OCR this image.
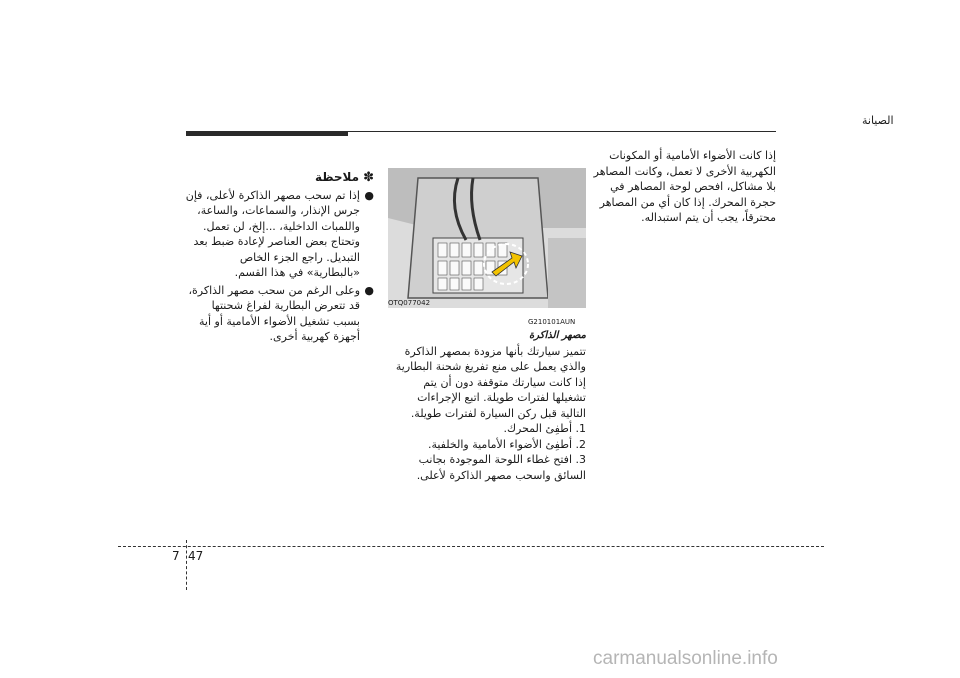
ﺍﻟﺼﻴﺎﻧﺔ

ﺇﺫﺍ ﻛﺎﻧﺖ ﺍﻷﺿﻮﺍﺀ ﺍﻷﻣﺎﻣﻴﺔ ﺃﻭ ﺍﻟﻤﻜﻮﻧﺎﺕ ﺍﻟﻜﻬﺮﺑﻴﺔ ﺍﻷﺧﺮﻯ ﻻ ﺗﻌﻤﻞ، ﻭﻛﺎﻧﺖ ﺍﻟﻤﺼﺎﻫﺮ ﺑﻼ ﻣﺸﺎﻛﻞ، ﺍﻓﺤﺺ ﻟﻮﺣﺔ ﺍﻟﻤﺼﺎﻫﺮ ﻓﻲ ﺣﺠﺮﺓ ﺍﻟﻤﺤﺮﻙ. ﺇﺫﺍ ﻛﺎﻥ ﺃﻱ ﻣﻦ ﺍﻟﻤﺼﺎﻫﺮ ﻣﺤﺘﺮﻗﺎً، ﻳﺠﺐ ﺃﻥ ﻳﺘﻢ ﺍﺳﺘﺒﺪﺍﻟﻪ.

OTQ077042
G210101AUN

ﻣﺼﻬﺮ ﺍﻟﺬﺍﻛﺮﺓ

ﺗﺘﻤﻴﺰ ﺳﻴﺎﺭﺗﻚ ﺑﺄﻧﻬﺎ ﻣﺰﻭﺩﺓ ﺑﻤﺼﻬﺮ ﺍﻟﺬﺍﻛﺮﺓ ﻭﺍﻟﺬﻱ ﻳﻌﻤﻞ ﻋﻠﻰ ﻣﻨﻊ ﺗﻔﺮﻳﻎ ﺷﺤﻨﺔ ﺍﻟﺒﻄﺎﺭﻳﺔ ﺇﺫﺍ ﻛﺎﻧﺖ ﺳﻴﺎﺭﺗﻚ ﻣﺘﻮﻗﻔﺔ ﺩﻭﻥ ﺃﻥ ﻳﺘﻢ ﺗﺸﻐﻴﻠﻬﺎ ﻟﻔﺘﺮﺍﺕ ﻃﻮﻳﻠﺔ. ﺍﺗﺒﻊ ﺍﻹﺟﺮﺍﺀﺍﺕ ﺍﻟﺘﺎﻟﻴﺔ ﻗﺒﻞ ﺭﻛﻦ ﺍﻟﺴﻴﺎﺭﺓ ﻟﻔﺘﺮﺍﺕ ﻃﻮﻳﻠﺔ.

1. ﺃﻃﻔِﺊ ﺍﻟﻤﺤﺮﻙ.
2. ﺃﻃﻔِﺊ ﺍﻷﺿﻮﺍﺀ ﺍﻷﻣﺎﻣﻴﺔ ﻭﺍﻟﺨﻠﻔﻴﺔ.
3. ﺍﻓﺘﺢ ﻏﻄﺎﺀ ﺍﻟﻠﻮﺣﺔ ﺍﻟﻤﻮﺟﻮﺩﺓ ﺑﺠﺎﻧﺐ ﺍﻟﺴﺎﺋﻖ ﻭﺍﺳﺤﺐ ﻣﺼﻬﺮ ﺍﻟﺬﺍﻛﺮﺓ ﻷﻋﻠﻰ.
✽ﻣﻼﺣﻈﺔ
●
ﺇﺫﺍ ﺗﻢ ﺳﺤﺐ ﻣﺼﻬﺮ ﺍﻟﺬﺍﻛﺮﺓ ﻷﻋﻠﻰ، ﻓﺈﻥ ﺟﺮﺱ ﺍﻹﻧﺬﺍﺭ، ﻭﺍﻟﺴﻤﺎﻋﺎﺕ، ﻭﺍﻟﺴﺎﻋﺔ، ﻭﺍﻟﻠﻤﺒﺎﺕ ﺍﻟﺪﺍﺧﻠﻴﺔ، ...ﺇﻟﺦ، ﻟﻦ ﺗﻌﻤﻞ. ﻭﺗﺤﺘﺎﺝ ﺑﻌﺾ ﺍﻟﻌﻨﺎﺻﺮ ﻹﻋﺎﺩﺓ ﺿﺒﻂ ﺑﻌﺪ ﺍﻟﺘﺒﺪﻳﻞ. ﺭﺍﺟﻊ ﺍﻟﺠﺰﺀ ﺍﻟﺨﺎﺹ «ﺑﺎﻟﺒﻄﺎﺭﻳﺔ» ﻓﻲ ﻫﺬﺍ ﺍﻟﻘﺴﻢ.
●
ﻭﻋﻠﻰ ﺍﻟﺮﻏﻢ ﻣﻦ ﺳﺤﺐ ﻣﺼﻬﺮ ﺍﻟﺬﺍﻛﺮﺓ، ﻗﺪ ﺗﺘﻌﺮﺽ ﺍﻟﺒﻄﺎﺭﻳﺔ ﻟﻔﺮﺍﻍ ﺷﺤﻨﺘﻬﺎ ﺑﺴﺒﺐ ﺗﺸﻐﻴﻞ ﺍﻷﺿﻮﺍﺀ ﺍﻷﻣﺎﻣﻴﺔ ﺃﻭ ﺃﻳﺔ ﺃﺟﻬﺰﺓ ﻛﻬﺮﺑﻴﺔ ﺃﺧﺮﻯ.
47
7
carmanualsonline.info
